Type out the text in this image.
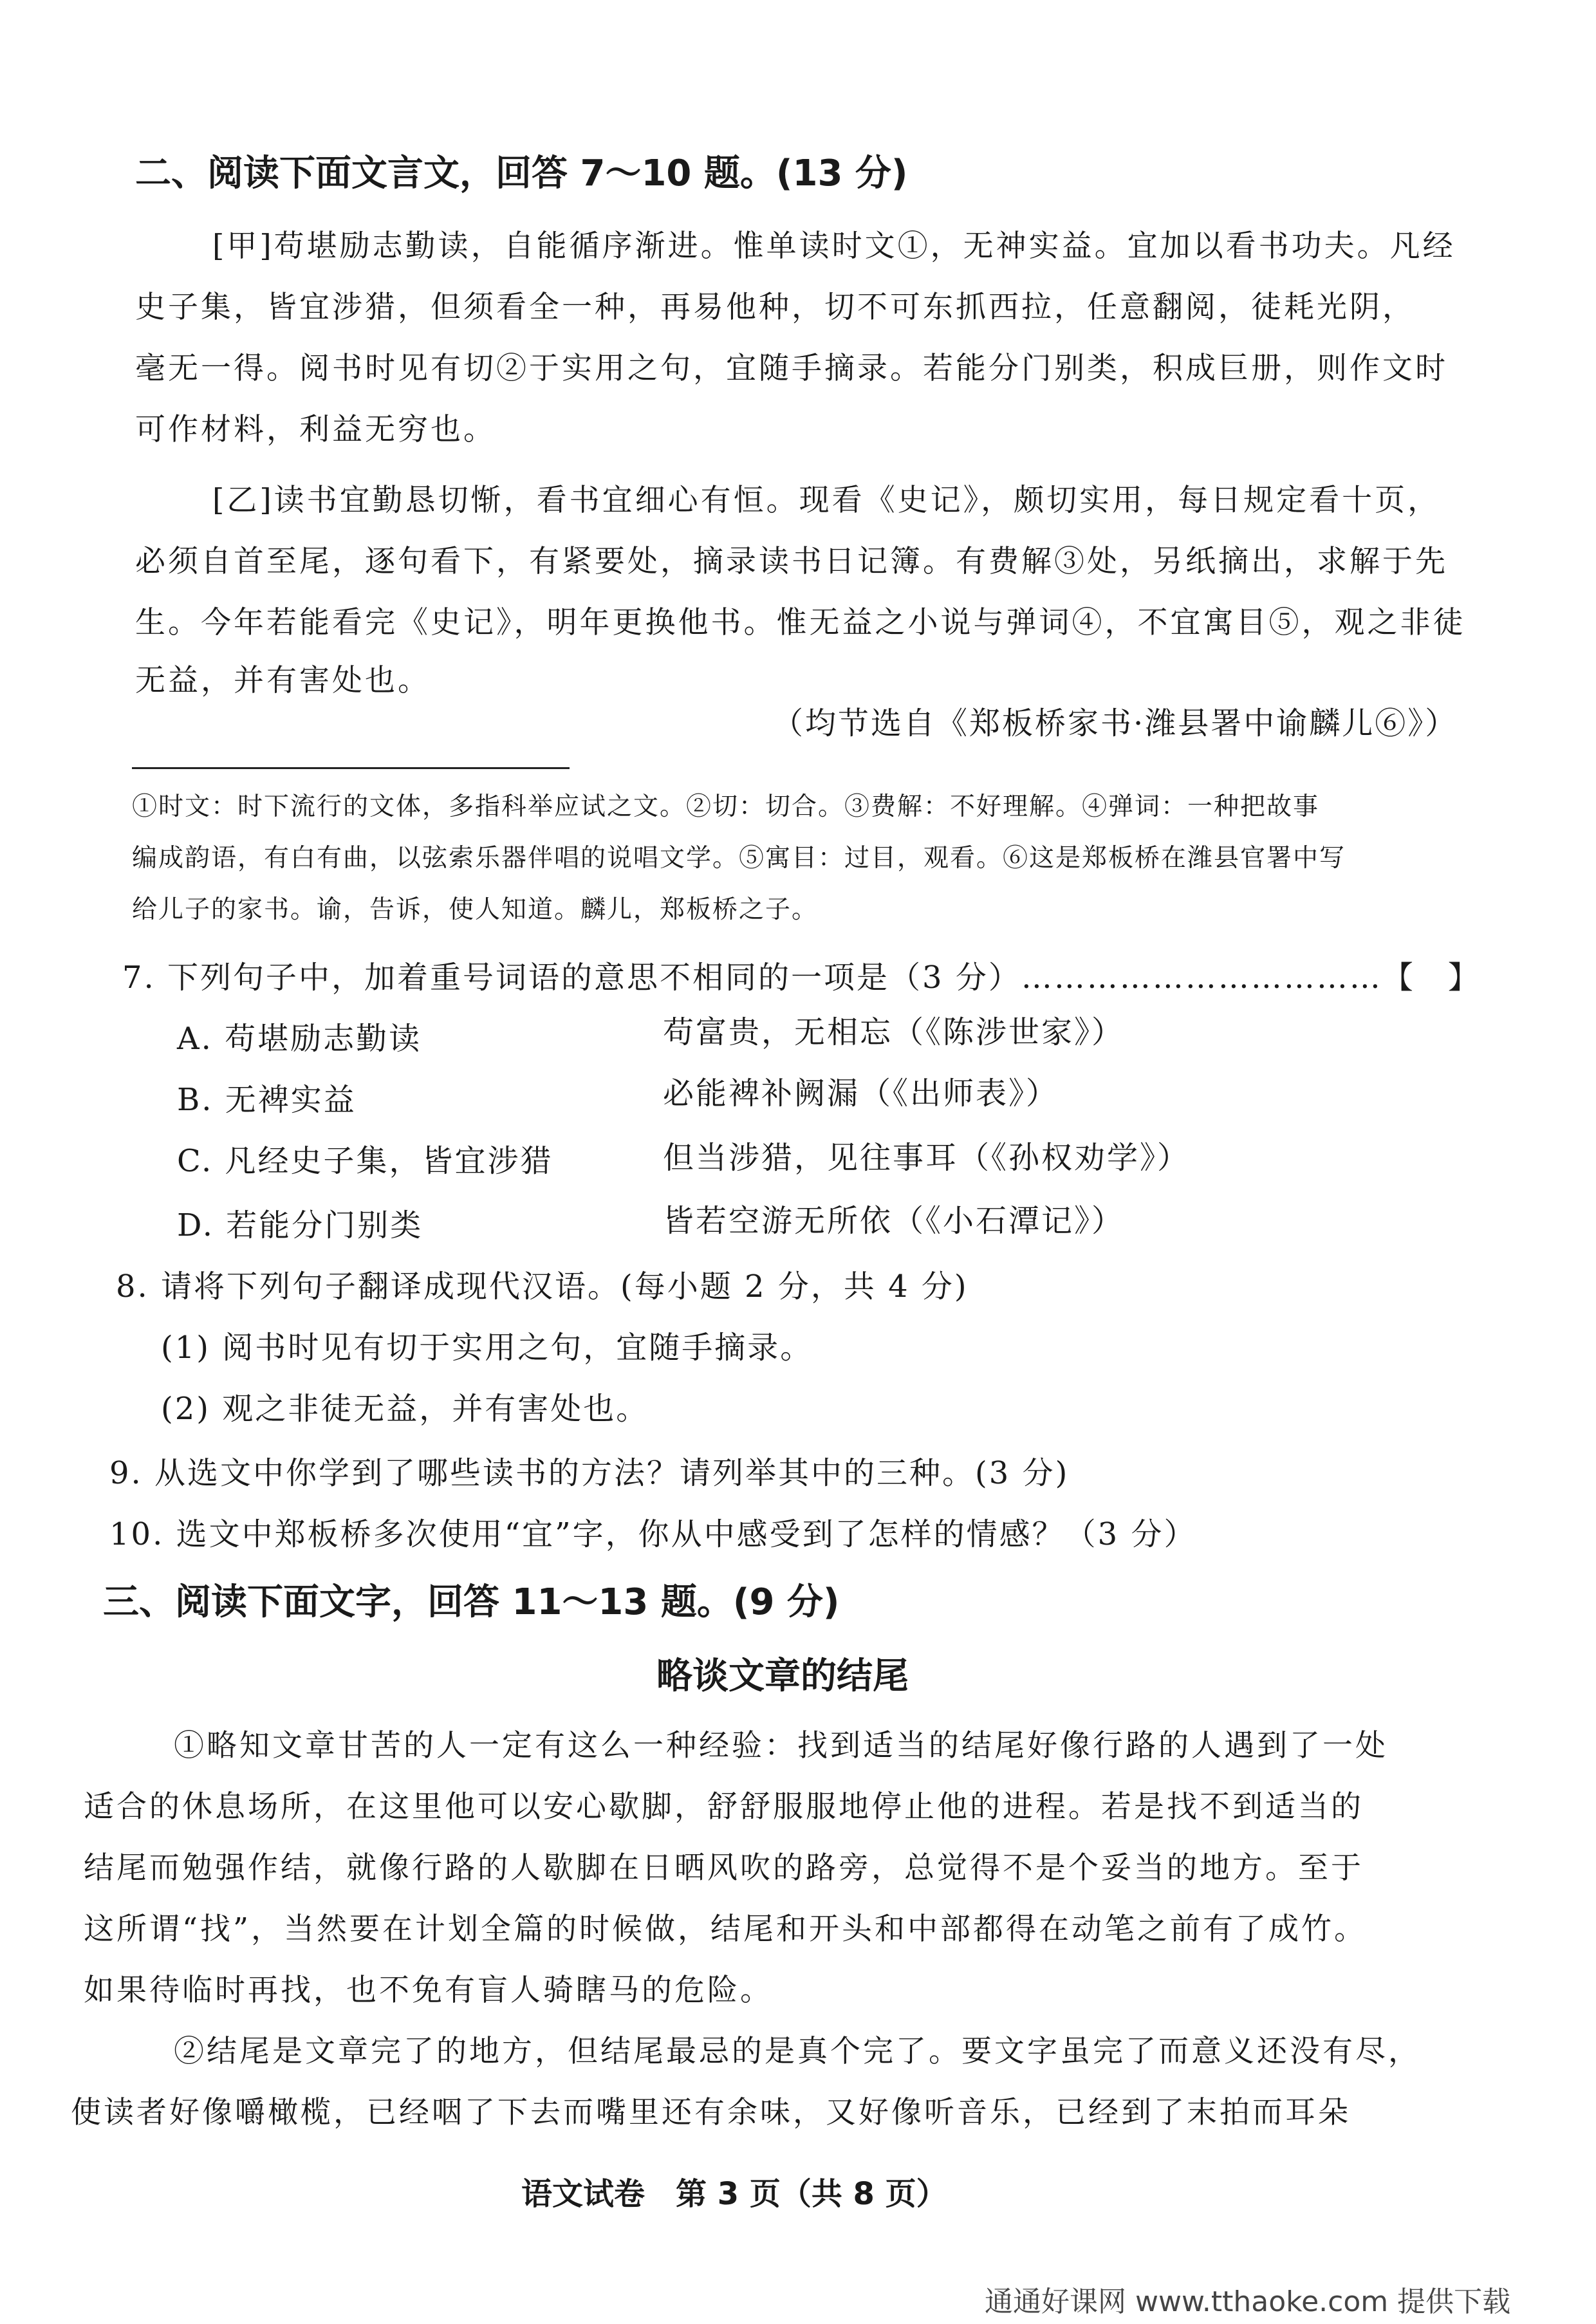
二、阅读下面文言文，回答 7～10 题。(13 分)
[甲]苟堪励志勤读，自能循序渐进。惟单读时文①，无神实益。宜加以看书功夫。凡经
史子集，皆宜涉猎，但须看全一种，再易他种，切不可东抓西拉，任意翻阅，徒耗光阴，
毫无一得。阅书时见有切②于实用之句，宜随手摘录。若能分门别类，积成巨册，则作文时
可作材料，利益无穷也。
[乙]读书宜勤恳切惭，看书宜细心有恒。现看《史记》，颇切实用，每日规定看十页，
必须自首至尾，逐句看下，有紧要处，摘录读书日记簿。有费解③处，另纸摘出，求解于先
生。今年若能看完《史记》，明年更换他书。惟无益之小说与弹词④，不宜寓目⑤，观之非徒
无益，并有害处也。
（均节选自《郑板桥家书·潍县署中谕麟儿⑥》）
①时文：时下流行的文体，多指科举应试之文。②切：切合。③费解：不好理解。④弹词：一种把故事
编成韵语，有白有曲，以弦索乐器伴唱的说唱文学。⑤寓目：过目，观看。⑥这是郑板桥在潍县官署中写
给儿子的家书。谕，告诉，使人知道。麟儿，郑板桥之子。
7. 下列句子中，加着重号词语的意思不相同的一项是（3 分）……………………………【　】
A. 苟堪励志勤读	苟富贵，无相忘（《陈涉世家》）
B. 无裨实益	必能裨补阙漏（《出师表》）
C. 凡经史子集，皆宜涉猎	但当涉猎，见往事耳（《孙权劝学》）
D. 若能分门别类	皆若空游无所依（《小石潭记》）
8. 请将下列句子翻译成现代汉语。(每小题 2 分，共 4 分)
(1) 阅书时见有切于实用之句，宜随手摘录。
(2) 观之非徒无益，并有害处也。
9. 从选文中你学到了哪些读书的方法？请列举其中的三种。(3 分)
10. 选文中郑板桥多次使用“宜”字，你从中感受到了怎样的情感？（3 分）
三、阅读下面文字，回答 11～13 题。(9 分)
略谈文章的结尾
①略知文章甘苦的人一定有这么一种经验：找到适当的结尾好像行路的人遇到了一处
适合的休息场所，在这里他可以安心歇脚，舒舒服服地停止他的进程。若是找不到适当的
结尾而勉强作结，就像行路的人歇脚在日晒风吹的路旁，总觉得不是个妥当的地方。至于
这所谓“找”，当然要在计划全篇的时候做，结尾和开头和中部都得在动笔之前有了成竹。
如果待临时再找，也不免有盲人骑瞎马的危险。
②结尾是文章完了的地方，但结尾最忌的是真个完了。要文字虽完了而意义还没有尽，
使读者好像嚼橄榄，已经咽了下去而嘴里还有余味，又好像听音乐，已经到了末拍而耳朵
语文试卷　第 3 页（共 8 页）
通通好课网 www.tthaoke.com 提供下载
